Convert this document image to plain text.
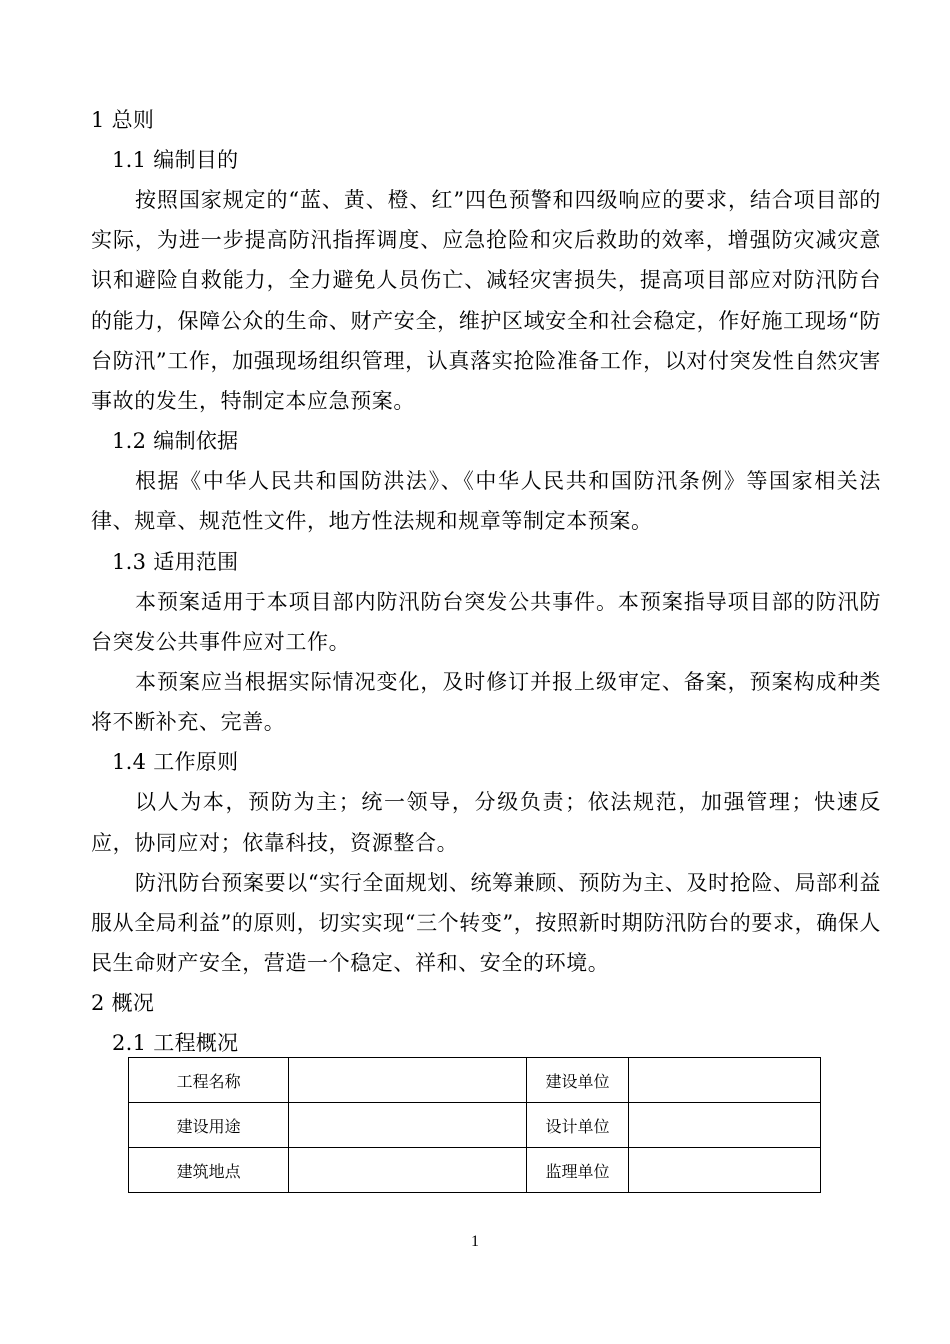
1 总则
1.1 编制目的

按照国家规定的“蓝、黄、橙、红”四色预警和四级响应的要求，结合项目部的实际，为进一步提高防汛指挥调度、应急抢险和灾后救助的效率，增强防灾减灾意识和避险自救能力，全力避免人员伤亡、减轻灾害损失，提高项目部应对防汛防台的能力，保障公众的生命、财产安全，维护区域安全和社会稳定，作好施工现场“防台防汛”工作，加强现场组织管理，认真落实抢险准备工作，以对付突发性自然灾害事故的发生，特制定本应急预案。

1.2 编制依据

根据《中华人民共和国防洪法》、《中华人民共和国防汛条例》等国家相关法律、规章、规范性文件，地方性法规和规章等制定本预案。

1.3 适用范围

本预案适用于本项目部内防汛防台突发公共事件。本预案指导项目部的防汛防台突发公共事件应对工作。

本预案应当根据实际情况变化，及时修订并报上级审定、备案，预案构成种类将不断补充、完善。

1.4 工作原则

以人为本，预防为主；统一领导，分级负责；依法规范，加强管理；快速反应，协同应对；依靠科技，资源整合。

防汛防台预案要以“实行全面规划、统筹兼顾、预防为主、及时抢险、局部利益服从全局利益”的原则，切实实现“三个转变”，按照新时期防汛防台的要求，确保人民生命财产安全，营造一个稳定、祥和、安全的环境。

2 概况
2.1 工程概况
工程名称		建设单位	
建设用途		设计单位	
建筑地点		监理单位	
1
